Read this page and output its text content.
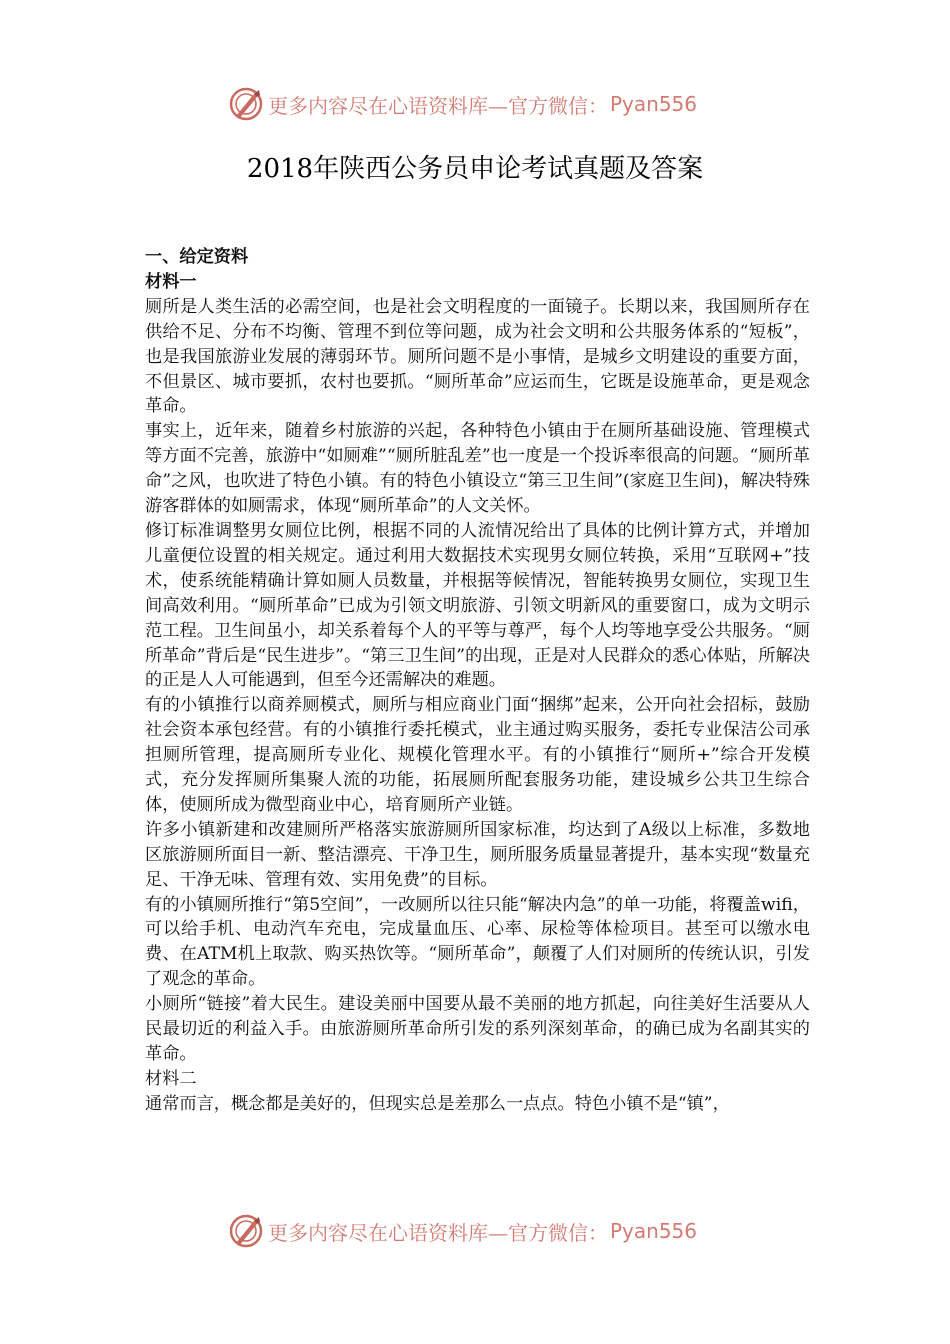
更多内容尽在心语资料库—官方微信： Pyan556
2018年陕西公务员申论考试真题及答案

一、给定资料

材料一

厕所是人类生活的必需空间，也是社会文明程度的一面镜子。长期以来，我国厕所存在供给不足、分布不均衡、管理不到位等问题，成为社会文明和公共服务体系的“短板”，也是我国旅游业发展的薄弱环节。厕所问题不是小事情，是城乡文明建设的重要方面，不但景区、城市要抓，农村也要抓。“厕所革命”应运而生，它既是设施革命，更是观念革命。

事实上，近年来，随着乡村旅游的兴起，各种特色小镇由于在厕所基础设施、管理模式等方面不完善，旅游中“如厕难”“厕所脏乱差”也一度是一个投诉率很高的问题。“厕所革命”之风，也吹进了特色小镇。有的特色小镇设立“第三卫生间”(家庭卫生间)，解决特殊游客群体的如厕需求，体现“厕所革命”的人文关怀。

修订标准调整男女厕位比例，根据不同的人流情况给出了具体的比例计算方式，并增加儿童便位设置的相关规定。通过利用大数据技术实现男女厕位转换，采用“互联网+”技术，使系统能精确计算如厕人员数量，并根据等候情况，智能转换男女厕位，实现卫生间高效利用。“厕所革命”已成为引领文明旅游、引领文明新风的重要窗口，成为文明示范工程。卫生间虽小，却关系着每个人的平等与尊严，每个人均等地享受公共服务。“厕所革命”背后是“民生进步”。“第三卫生间”的出现，正是对人民群众的悉心体贴，所解决的正是人人可能遇到，但至今还需解决的难题。

有的小镇推行以商养厕模式，厕所与相应商业门面“捆绑”起来，公开向社会招标，鼓励社会资本承包经营。有的小镇推行委托模式，业主通过购买服务，委托专业保洁公司承担厕所管理，提高厕所专业化、规模化管理水平。有的小镇推行“厕所+”综合开发模式，充分发挥厕所集聚人流的功能，拓展厕所配套服务功能，建设城乡公共卫生综合体，使厕所成为微型商业中心，培育厕所产业链。

许多小镇新建和改建厕所严格落实旅游厕所国家标准，均达到了A级以上标准，多数地区旅游厕所面目一新、整洁漂亮、干净卫生，厕所服务质量显著提升，基本实现“数量充足、干净无味、管理有效、实用免费”的目标。

有的小镇厕所推行“第5空间”，一改厕所以往只能“解决内急”的单一功能，将覆盖wifi，可以给手机、电动汽车充电，完成量血压、心率、尿检等体检项目。甚至可以缴水电费、在ATM机上取款、购买热饮等。“厕所革命”，颠覆了人们对厕所的传统认识，引发了观念的革命。

小厕所“链接”着大民生。建设美丽中国要从最不美丽的地方抓起，向往美好生活要从人民最切近的利益入手。由旅游厕所革命所引发的系列深刻革命，的确已成为名副其实的革命。

材料二

通常而言，概念都是美好的，但现实总是差那么一点点。特色小镇不是“镇”，

更多内容尽在心语资料库—官方微信： Pyan556
